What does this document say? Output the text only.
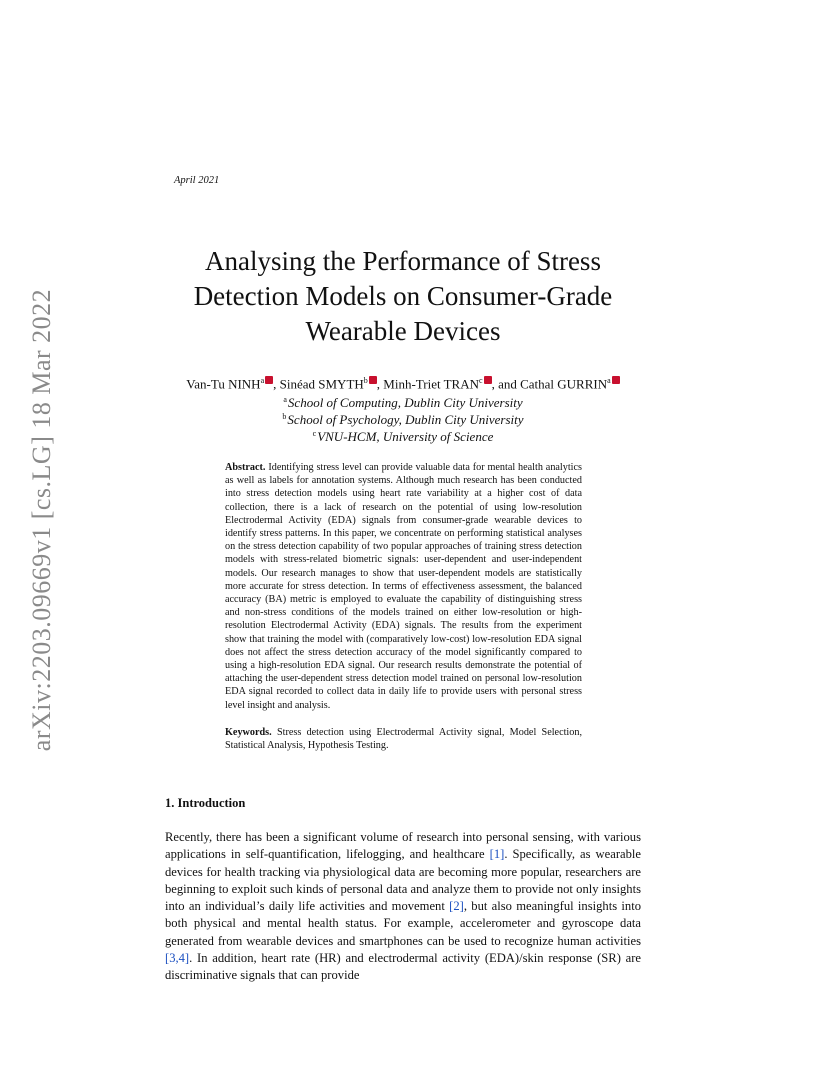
arXiv:2203.09669v1 [cs.LG] 18 Mar 2022
April 2021
Analysing the Performance of Stress Detection Models on Consumer-Grade Wearable Devices
Van-Tu NINH$^a$ , Sinéad SMYTH$^b$ , Minh-Triet TRAN$^c$ , and Cathal GURRIN$^a$
$^a$School of Computing, Dublin City University
$^b$School of Psychology, Dublin City University
$^c$VNU-HCM, University of Science
Abstract. Identifying stress level can provide valuable data for mental health analytics as well as labels for annotation systems. Although much research has been conducted into stress detection models using heart rate variability at a higher cost of data collection, there is a lack of research on the potential of using low-resolution Electrodermal Activity (EDA) signals from consumer-grade wearable devices to identify stress patterns. In this paper, we concentrate on performing statistical analyses on the stress detection capability of two popular approaches of training stress detection models with stress-related biometric signals: user-dependent and user-independent models. Our research manages to show that user-dependent models are statistically more accurate for stress detection. In terms of effectiveness assessment, the balanced accuracy (BA) metric is employed to evaluate the capability of distinguishing stress and non-stress conditions of the models trained on either low-resolution or high-resolution Electrodermal Activity (EDA) signals. The results from the experiment show that training the model with (comparatively low-cost) low-resolution EDA signal does not affect the stress detection accuracy of the model significantly compared to using a high-resolution EDA signal. Our research results demonstrate the potential of attaching the user-dependent stress detection model trained on personal low-resolution EDA signal recorded to collect data in daily life to provide users with personal stress level insight and analysis.
Keywords. Stress detection using Electrodermal Activity signal, Model Selection, Statistical Analysis, Hypothesis Testing.
1. Introduction
Recently, there has been a significant volume of research into personal sensing, with various applications in self-quantification, lifelogging, and healthcare [1]. Specifically, as wearable devices for health tracking via physiological data are becoming more popular, researchers are beginning to exploit such kinds of personal data and analyze them to provide not only insights into an individual’s daily life activities and movement [2], but also meaningful insights into both physical and mental health status. For example, accelerometer and gyroscope data generated from wearable devices and smartphones can be used to recognize human activities [3,4]. In addition, heart rate (HR) and electrodermal activity (EDA)/skin response (SR) are discriminative signals that can provide
